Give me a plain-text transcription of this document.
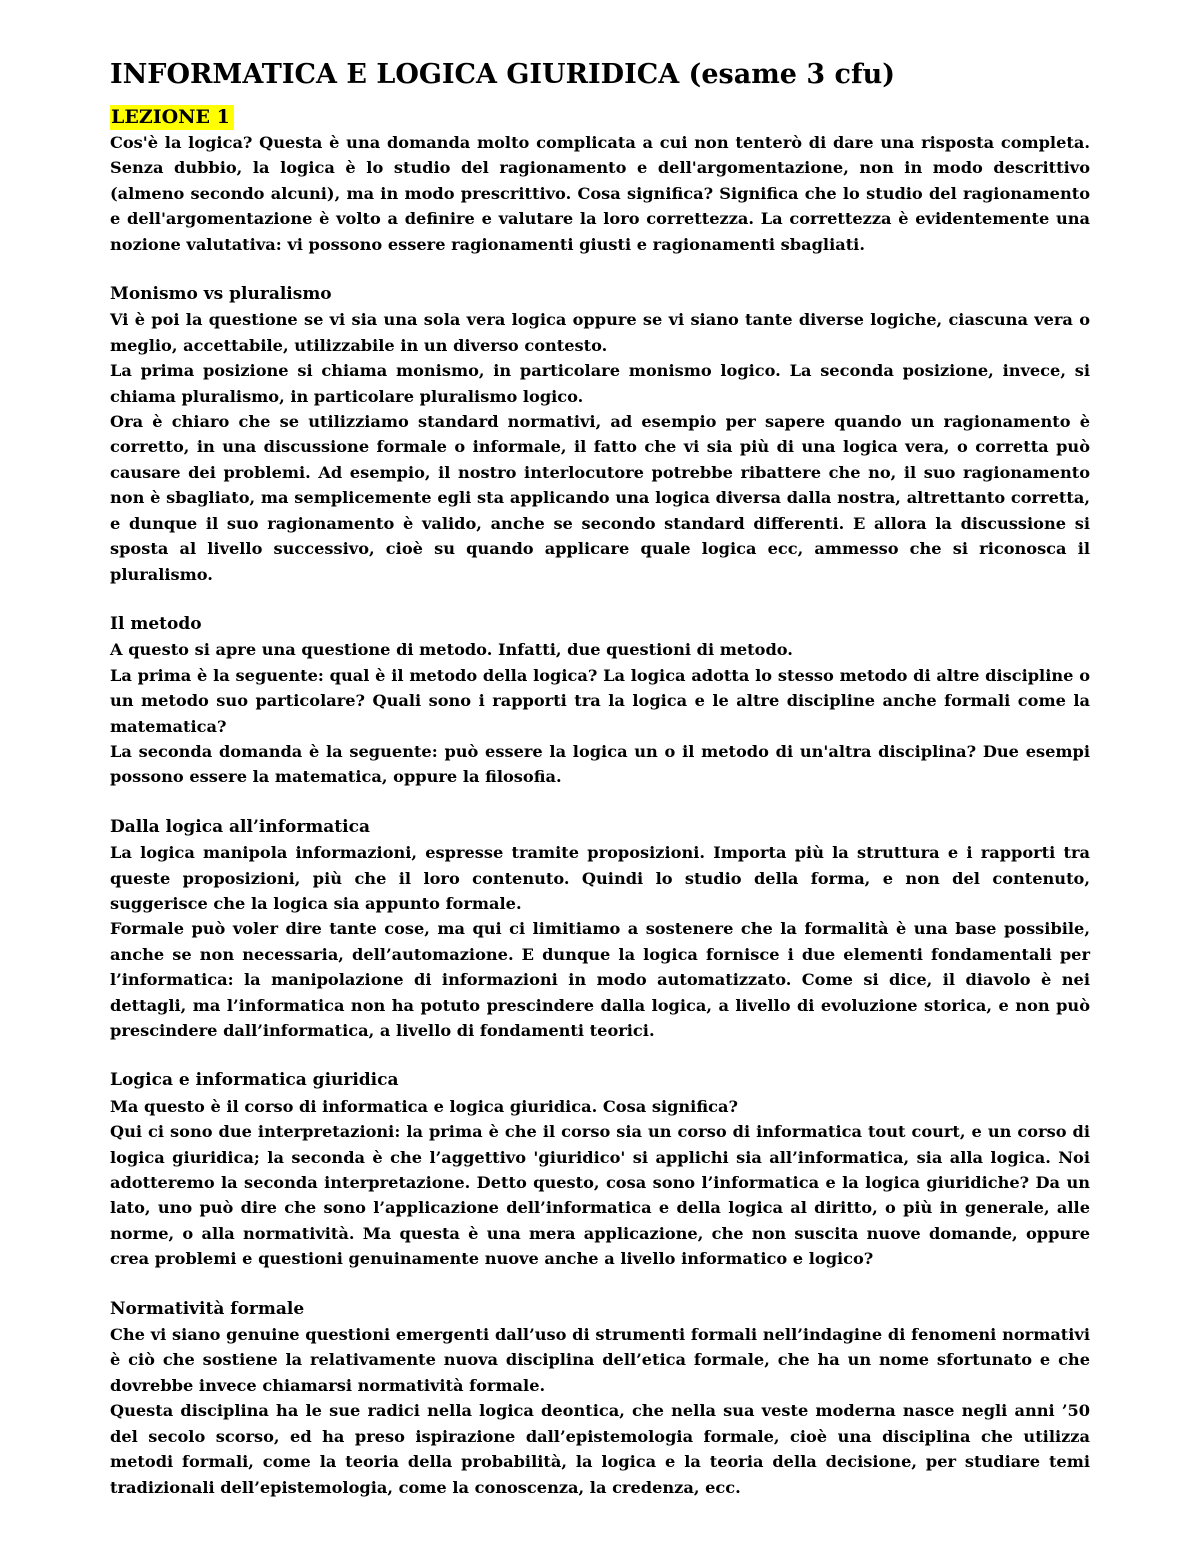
INFORMATICA E LOGICA GIURIDICA (esame 3 cfu)
LEZIONE 1

Cos'è la logica? Questa è una domanda molto complicata a cui non tenterò di dare una risposta completa. Senza dubbio, la logica è lo studio del ragionamento e dell'argomentazione, non in modo descrittivo (almeno secondo alcuni), ma in modo prescrittivo. Cosa significa? Significa che lo studio del ragionamento e dell'argomentazione è volto a definire e valutare la loro correttezza. La correttezza è evidentemente una nozione valutativa: vi possono essere ragionamenti giusti e ragionamenti sbagliati.

Monismo vs pluralismo

Vi è poi la questione se vi sia una sola vera logica oppure se vi siano tante diverse logiche, ciascuna vera o meglio, accettabile, utilizzabile in un diverso contesto.

La prima posizione si chiama monismo, in particolare monismo logico. La seconda posizione, invece, si chiama pluralismo, in particolare pluralismo logico.

Ora è chiaro che se utilizziamo standard normativi, ad esempio per sapere quando un ragionamento è corretto, in una discussione formale o informale, il fatto che vi sia più di una logica vera, o corretta può causare dei problemi. Ad esempio, il nostro interlocutore potrebbe ribattere che no, il suo ragionamento non è sbagliato, ma semplicemente egli sta applicando una logica diversa dalla nostra, altrettanto corretta, e dunque il suo ragionamento è valido, anche se secondo standard differenti. E allora la discussione si sposta al livello successivo, cioè su quando applicare quale logica ecc, ammesso che si riconosca il pluralismo.

Il metodo

A questo si apre una questione di metodo. Infatti, due questioni di metodo.

La prima è la seguente: qual è il metodo della logica? La logica adotta lo stesso metodo di altre discipline o un metodo suo particolare? Quali sono i rapporti tra la logica e le altre discipline anche formali come la matematica?

La seconda domanda è la seguente: può essere la logica un o il metodo di un'altra disciplina? Due esempi possono essere la matematica, oppure la filosofia.

Dalla logica all’informatica

La logica manipola informazioni, espresse tramite proposizioni. Importa più la struttura e i rapporti tra queste proposizioni, più che il loro contenuto. Quindi lo studio della forma, e non del contenuto, suggerisce che la logica sia appunto formale.

Formale può voler dire tante cose, ma qui ci limitiamo a sostenere che la formalità è una base possibile, anche se non necessaria, dell’automazione. E dunque la logica fornisce i due elementi fondamentali per l’informatica: la manipolazione di informazioni in modo automatizzato. Come si dice, il diavolo è nei dettagli, ma l’informatica non ha potuto prescindere dalla logica, a livello di evoluzione storica, e non può prescindere dall’informatica, a livello di fondamenti teorici.

Logica e informatica giuridica

Ma questo è il corso di informatica e logica giuridica. Cosa significa?

Qui ci sono due interpretazioni: la prima è che il corso sia un corso di informatica tout court, e un corso di logica giuridica; la seconda è che l’aggettivo 'giuridico' si applichi sia all’informatica, sia alla logica. Noi adotteremo la seconda interpretazione. Detto questo, cosa sono l’informatica e la logica giuridiche? Da un lato, uno può dire che sono l’applicazione dell’informatica e della logica al diritto, o più in generale, alle norme, o alla normatività. Ma questa è una mera applicazione, che non suscita nuove domande, oppure crea problemi e questioni genuinamente nuove anche a livello informatico e logico?

Normatività formale

Che vi siano genuine questioni emergenti dall’uso di strumenti formali nell’indagine di fenomeni normativi è ciò che sostiene la relativamente nuova disciplina dell’etica formale, che ha un nome sfortunato e che dovrebbe invece chiamarsi normatività formale.

Questa disciplina ha le sue radici nella logica deontica, che nella sua veste moderna nasce negli anni ’50 del secolo scorso, ed ha preso ispirazione dall’epistemologia formale, cioè una disciplina che utilizza metodi formali, come la teoria della probabilità, la logica e la teoria della decisione, per studiare temi tradizionali dell’epistemologia, come la conoscenza, la credenza, ecc.
